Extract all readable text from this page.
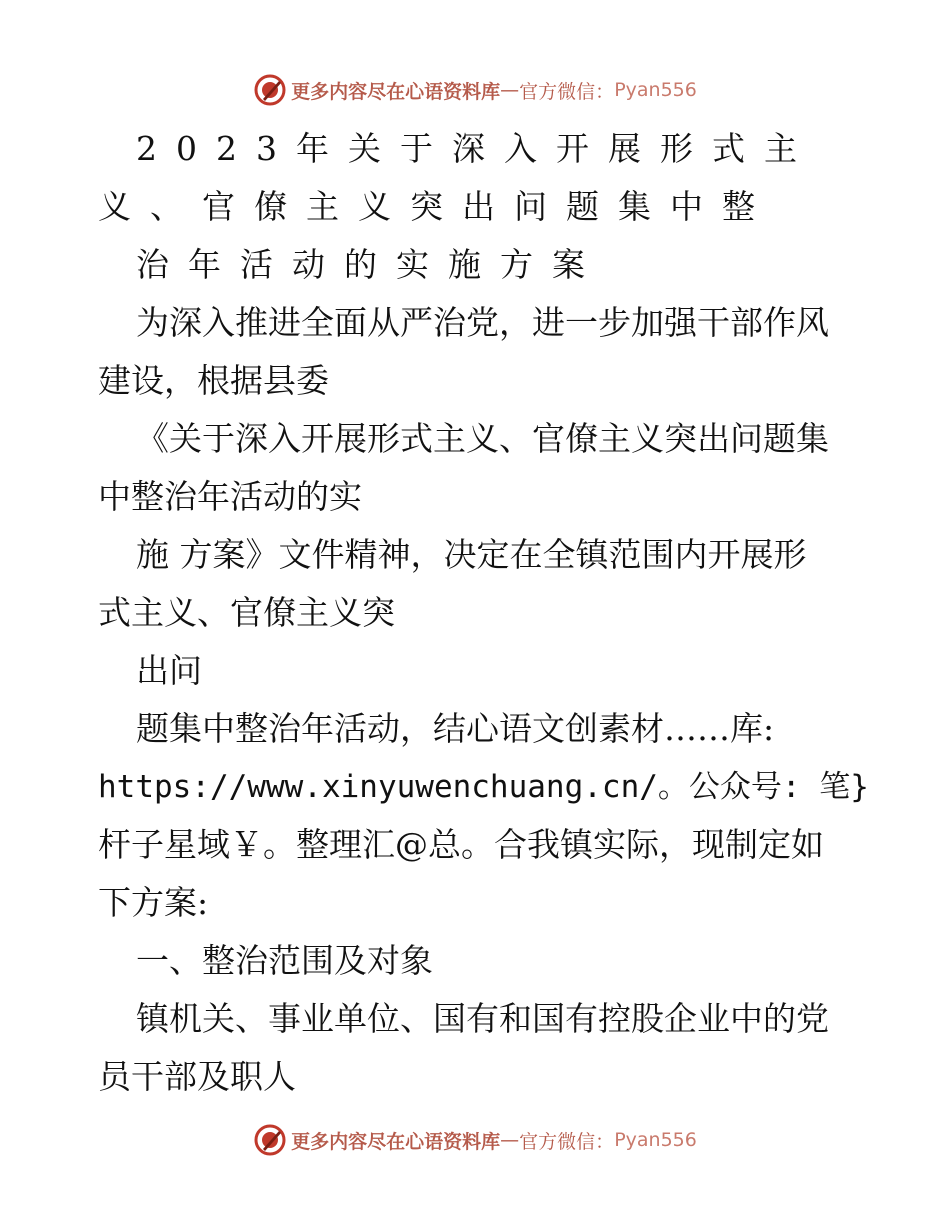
更多内容尽在心语资料库 — 官方微信： Pyan556
2023年关于深入开展形式主
义、官僚主义突出问题集中整
治年活动的实施方案
为深入推进全面从严治党，进一步加强干部作风
建设，根据县委
《关于深入开展形式主义、官僚主义突出问题集
中整治年活动的实
施 方案》文件精神，决定在全镇范围内开展形
式主义、官僚主义突
出问
题集中整治年活动，结心语文创素材……库:
https://www.xinyuwenchuang.cn/。公众号: 笔}
杆子星域￥。整理汇@总。合我镇实际，现制定如
下方案:
一、整治范围及对象
镇机关、事业单位、国有和国有控股企业中的党
员干部及职人
更多内容尽在心语资料库 — 官方微信： Pyan556
